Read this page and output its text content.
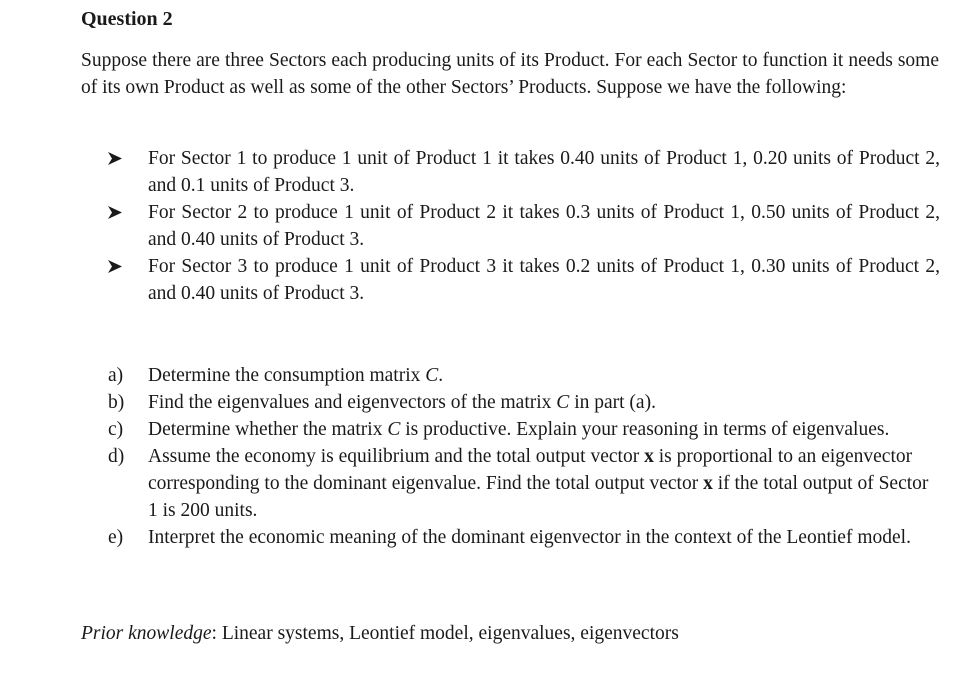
Question 2
Suppose there are three Sectors each producing units of its Product. For each Sector to function it needs some of its own Product as well as some of the other Sectors’ Products. Suppose we have the following:
For Sector 1 to produce 1 unit of Product 1 it takes 0.40 units of Product 1, 0.20 units of Product 2, and 0.1 units of Product 3.
For Sector 2 to produce 1 unit of Product 2 it takes 0.3 units of Product 1, 0.50 units of Product 2, and 0.40 units of Product 3.
For Sector 3 to produce 1 unit of Product 3 it takes 0.2 units of Product 1, 0.30 units of Product 2, and 0.40 units of Product 3.
a) Determine the consumption matrix C.
b) Find the eigenvalues and eigenvectors of the matrix C in part (a).
c) Determine whether the matrix C is productive. Explain your reasoning in terms of eigenvalues.
d) Assume the economy is equilibrium and the total output vector x is proportional to an eigenvector corresponding to the dominant eigenvalue. Find the total output vector x if the total output of Sector 1 is 200 units.
e) Interpret the economic meaning of the dominant eigenvector in the context of the Leontief model.
Prior knowledge: Linear systems, Leontief model, eigenvalues, eigenvectors
